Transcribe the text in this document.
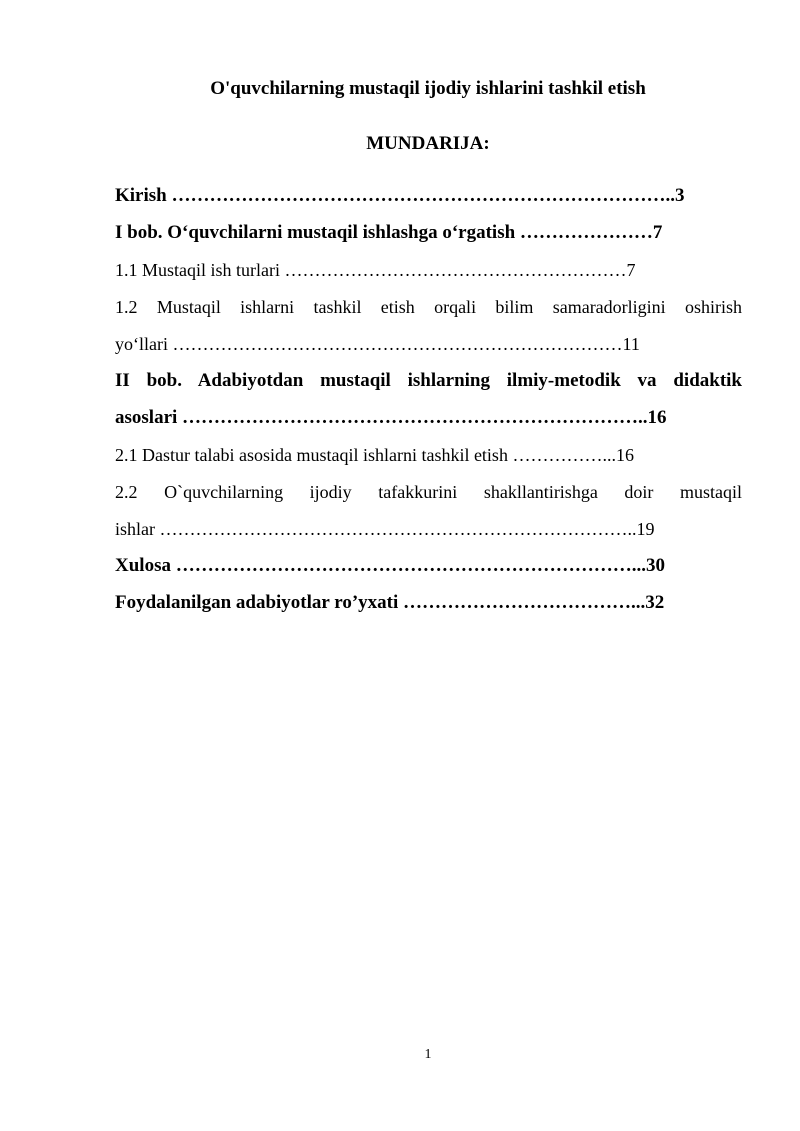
O'quvchilarning mustaqil ijodiy ishlarini tashkil etish
MUNDARIJA:
Kirish ……………………………………………………………………..3
I bob. O‘quvchilarni mustaqil ishlashga o‘rgatish …………………7
1.1 Mustaqil ish turlari …………………………………………………7
1.2 Mustaqil ishlarni tashkil etish orqali bilim samaradorligini oshirish
yo‘llari …………………………………………………………………11
II bob. Adabiyotdan mustaqil ishlarning ilmiy-metodik va didaktik
asoslari ………………………………………………………………..16
2.1 Dastur talabi asosida mustaqil ishlarni tashkil etish ……………...16
2.2 O`quvchilarning ijodiy tafakkurini shakllantirishga doir mustaqil
ishlar ……………………………………………………………………..19
Xulosa ………………………………………………………………...30
Foydalanilgan adabiyotlar ro’yxati ………………………………...32
1
